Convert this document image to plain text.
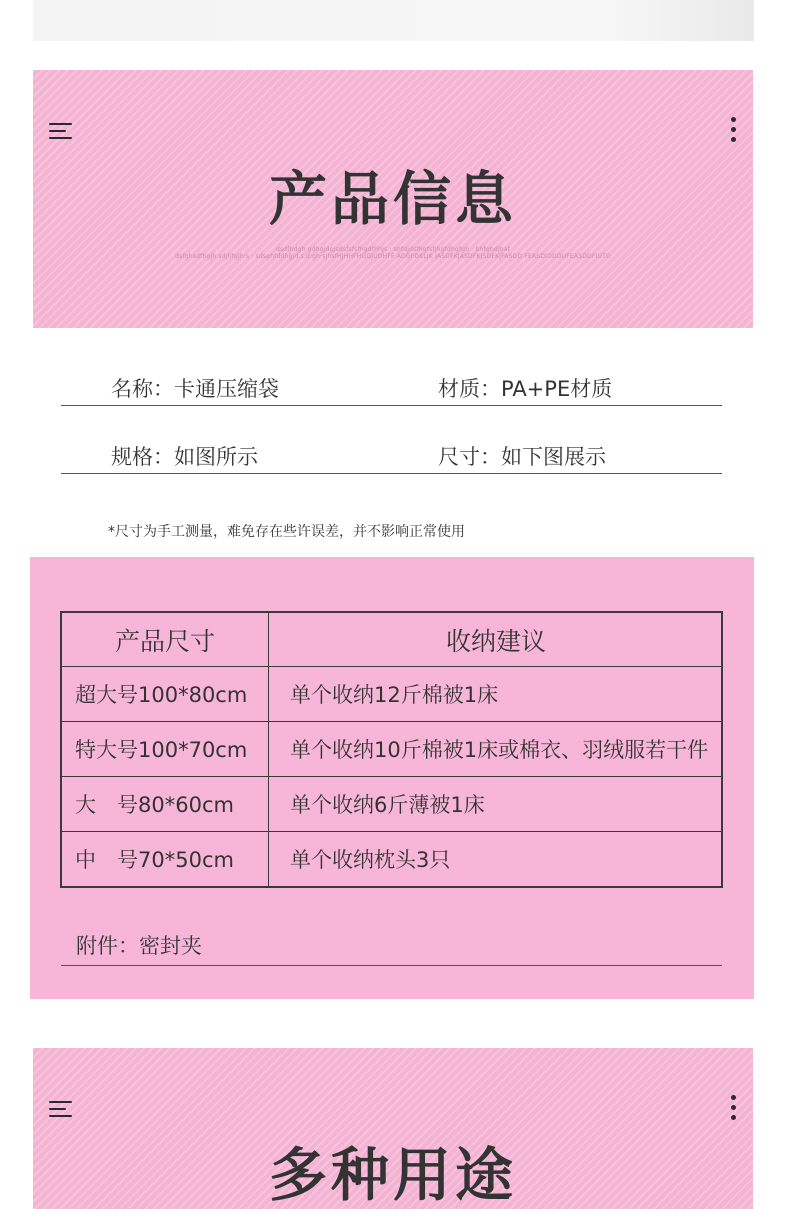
产品信息
dsdfhdgh gdhgjdgjsdsfsfsfhgdfhhjs · shfdjdsfhgfsfjhgfdhgfgh · bhfghdjhaf
dsfghsdfhgjh sdjhfgjh·s · sdsghfddhgjd.s.d·gh·sjhsfHJHHFHGGJUDHFF ADGFDKLJK JASDFKJASDFKJSDFKJFASDD FEASDIODDUFEASDDFIUTO
名称：卡通压缩袋	材质：PA+PE材质
规格：如图所示	尺寸：如下图展示
*尺寸为手工测量，难免存在些许误差，并不影响正常使用
产品尺寸	收纳建议
超大号100*80cm	单个收纳12斤棉被1床
特大号100*70cm	单个收纳10斤棉被1床或棉衣、羽绒服若干件
大　号80*60cm	单个收纳6斤薄被1床
中　号70*50cm	单个收纳枕头3只
附件：密封夹
多种用途
